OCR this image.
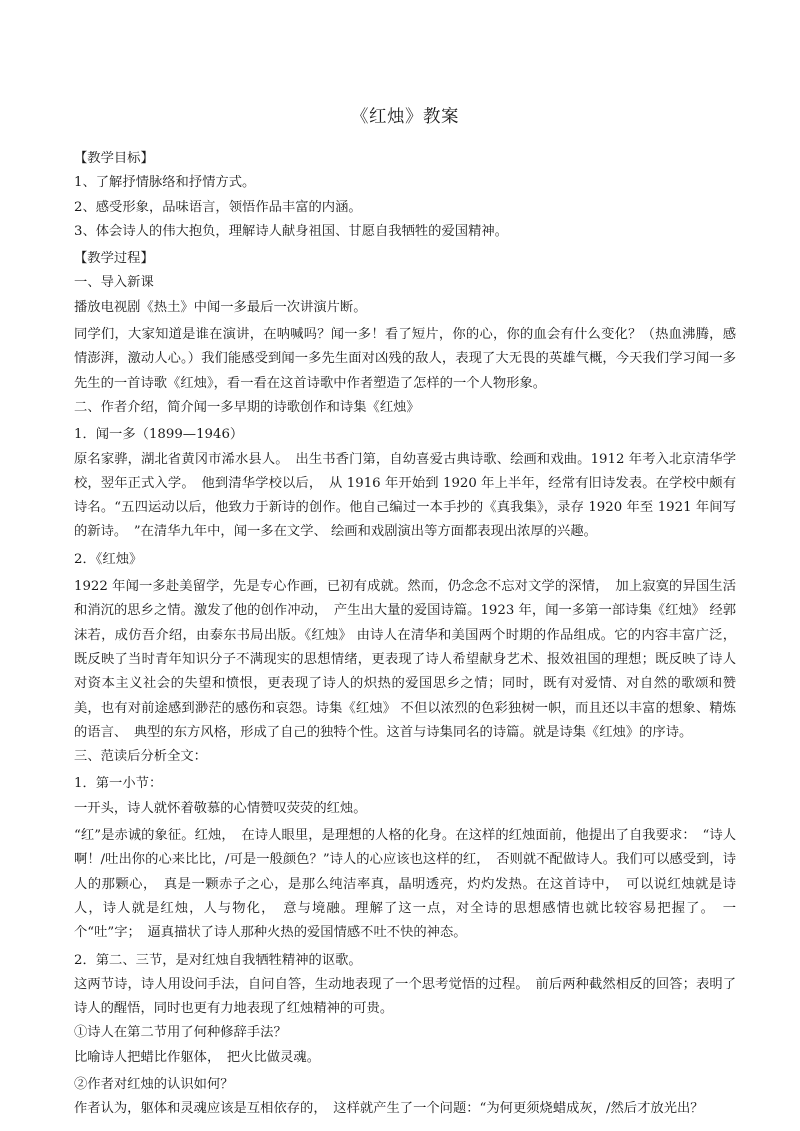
《红烛》教案

【教学目标】

1、了解抒情脉络和抒情方式。

2、感受形象，品味语言，领悟作品丰富的内涵。

3、体会诗人的伟大抱负，理解诗人献身祖国、甘愿自我牺牲的爱国精神。

【教学过程】

一、导入新课

播放电视剧《热土》中闻一多最后一次讲演片断。

同学们，大家知道是谁在演讲，在呐喊吗？闻一多！看了短片，你的心，你的血会有什么变化？（热血沸腾，感情澎湃，激动人心。）我们能感受到闻一多先生面对凶残的敌人，表现了大无畏的英雄气概，今天我们学习闻一多先生的一首诗歌《红烛》，看一看在这首诗歌中作者塑造了怎样的一个人物形象。

二、作者介绍，简介闻一多早期的诗歌创作和诗集《红烛》

1．闻一多（1899—1946）

原名家骅，湖北省黄冈市浠水县人。　出生书香门第，自幼喜爱古典诗歌、绘画和戏曲。1912 年考入北京清华学校，翌年正式入学。　他到清华学校以后，　从 1916 年开始到 1920 年上半年，经常有旧诗发表。在学校中颇有诗名。“五四运动以后，他致力于新诗的创作。他自己编过一本手抄的《真我集》，录存 1920 年至 1921 年间写的新诗。　”在清华九年中，闻一多在文学、 绘画和戏剧演出等方面都表现出浓厚的兴趣。

2．《红烛》

1922 年闻一多赴美留学，先是专心作画，已初有成就。然而，仍念念不忘对文学的深情，　加上寂寞的异国生活和消沉的思乡之情。激发了他的创作冲动，　产生出大量的爱国诗篇。1923 年，闻一多第一部诗集《红烛》 经郭沫若，成仿吾介绍，由泰东书局出版。《红烛》 由诗人在清华和美国两个时期的作品组成。它的内容丰富广泛，既反映了当时青年知识分子不满现实的思想情绪，更表现了诗人希望献身艺术、报效祖国的理想；既反映了诗人对资本主义社会的失望和愤恨，更表现了诗人的炽热的爱国思乡之情；同时，既有对爱情、对自然的歌颂和赞美，也有对前途感到渺茫的感伤和哀怨。诗集《红烛》 不但以浓烈的色彩独树一帜，而且还以丰富的想象、精炼的语言、　典型的东方风格，形成了自己的独特个性。这首与诗集同名的诗篇。就是诗集《红烛》的序诗。

三、范读后分析全文：

1．第一小节：

一开头，诗人就怀着敬慕的心情赞叹荧荧的红烛。

“红”是赤诚的象征。红烛，　在诗人眼里，是理想的人格的化身。在这样的红烛面前，他提出了自我要求：　“诗人啊！/吐出你的心来比比，/可是一般颜色？”诗人的心应该也这样的红，　否则就不配做诗人。我们可以感受到，诗人的那颗心，　真是一颗赤子之心，是那么纯洁率真，晶明透亮，灼灼发热。在这首诗中，　可以说红烛就是诗人，诗人就是红烛，人与物化，　意与境融。理解了这一点，对全诗的思想感情也就比较容易把握了。　一个“吐”字；　逼真描状了诗人那种火热的爱国情感不吐不快的神态。

2．第二、三节，是对红烛自我牺牲精神的讴歌。

这两节诗，诗人用设问手法，自问自答，生动地表现了一个思考觉悟的过程。　前后两种截然相反的回答；表明了诗人的醒悟，同时也更有力地表现了红烛精神的可贵。

①诗人在第二节用了何种修辞手法？

比喻诗人把蜡比作躯体，　把火比做灵魂。

②作者对红烛的认识如何？

作者认为，躯体和灵魂应该是互相依存的，　这样就产生了一个问题：“为何更须烧蜡成灰，/然后才放光出？
